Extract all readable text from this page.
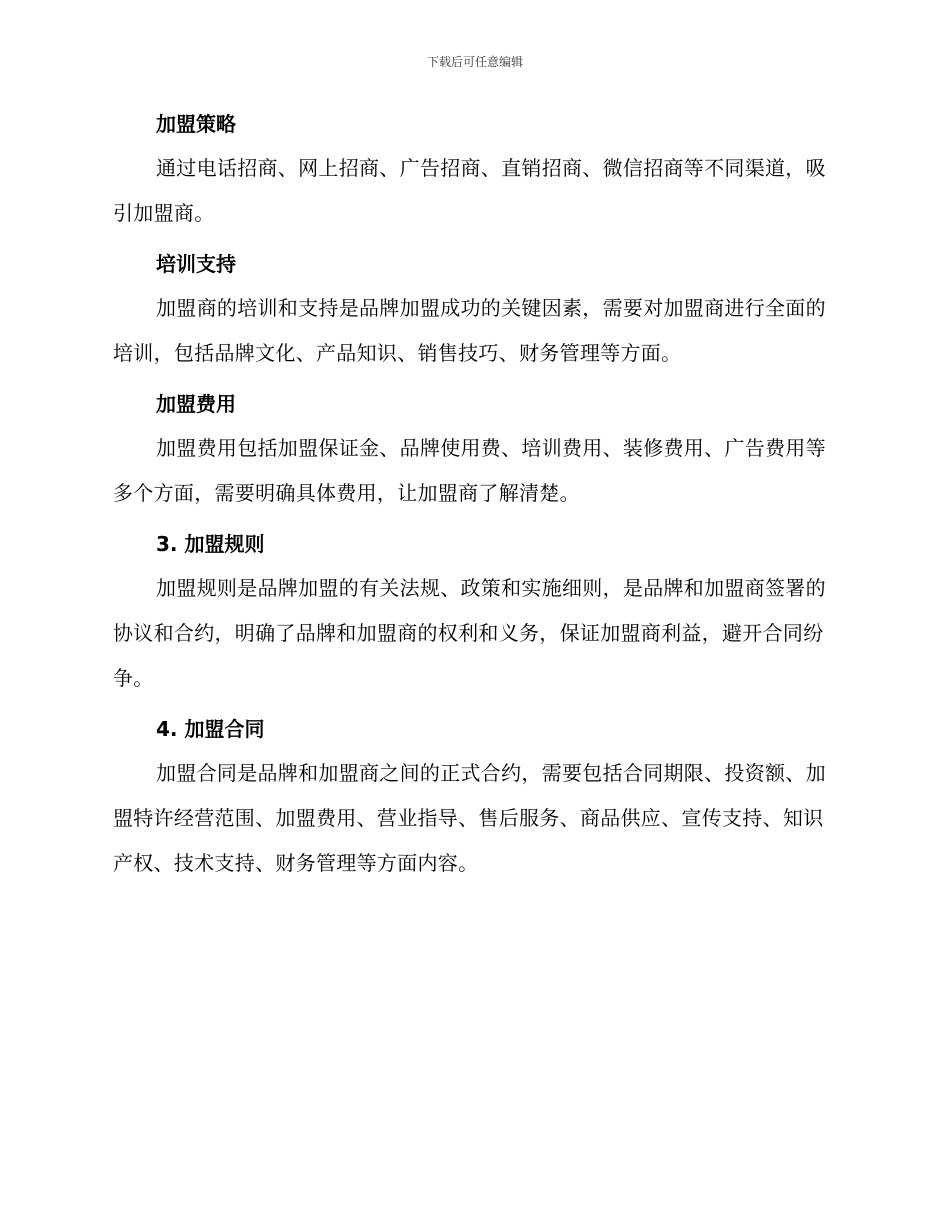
下载后可任意编辑
加盟策略

通过电话招商、网上招商、广告招商、直销招商、微信招商等不同渠道，吸引加盟商。

培训支持

加盟商的培训和支持是品牌加盟成功的关键因素，需要对加盟商进行全面的培训，包括品牌文化、产品知识、销售技巧、财务管理等方面。

加盟费用

加盟费用包括加盟保证金、品牌使用费、培训费用、装修费用、广告费用等多个方面，需要明确具体费用，让加盟商了解清楚。

3. 加盟规则

加盟规则是品牌加盟的有关法规、政策和实施细则，是品牌和加盟商签署的协议和合约，明确了品牌和加盟商的权利和义务，保证加盟商利益，避开合同纷争。

4. 加盟合同

加盟合同是品牌和加盟商之间的正式合约，需要包括合同期限、投资额、加盟特许经营范围、加盟费用、营业指导、售后服务、商品供应、宣传支持、知识产权、技术支持、财务管理等方面内容。
